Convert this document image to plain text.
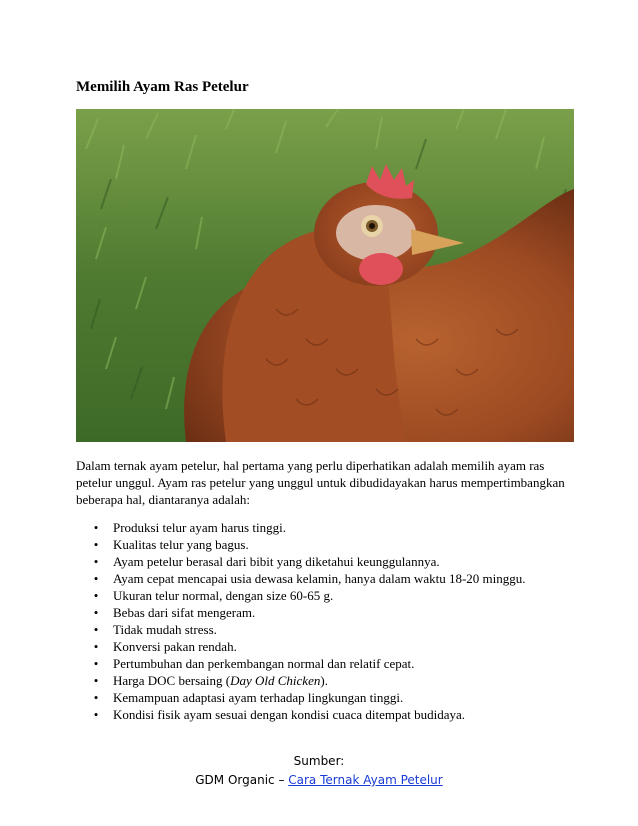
Memilih Ayam Ras Petelur

Dalam ternak ayam petelur, hal pertama yang perlu diperhatikan adalah memilih ayam ras petelur unggul. Ayam ras petelur yang unggul untuk dibudidayakan harus mempertimbangkan beberapa hal, diantaranya adalah:

• Produksi telur ayam harus tinggi.
• Kualitas telur yang bagus.
• Ayam petelur berasal dari bibit yang diketahui keunggulannya.
• Ayam cepat mencapai usia dewasa kelamin, hanya dalam waktu 18-20 minggu.
• Ukuran telur normal, dengan size 60-65 g.
• Bebas dari sifat mengeram.
• Tidak mudah stress.
• Konversi pakan rendah.
• Pertumbuhan dan perkembangan normal dan relatif cepat.
• Harga DOC bersaing (Day Old Chicken).
• Kemampuan adaptasi ayam terhadap lingkungan tinggi.
• Kondisi fisik ayam sesuai dengan kondisi cuaca ditempat budidaya.
Sumber:
GDM Organic – Cara Ternak Ayam Petelur
